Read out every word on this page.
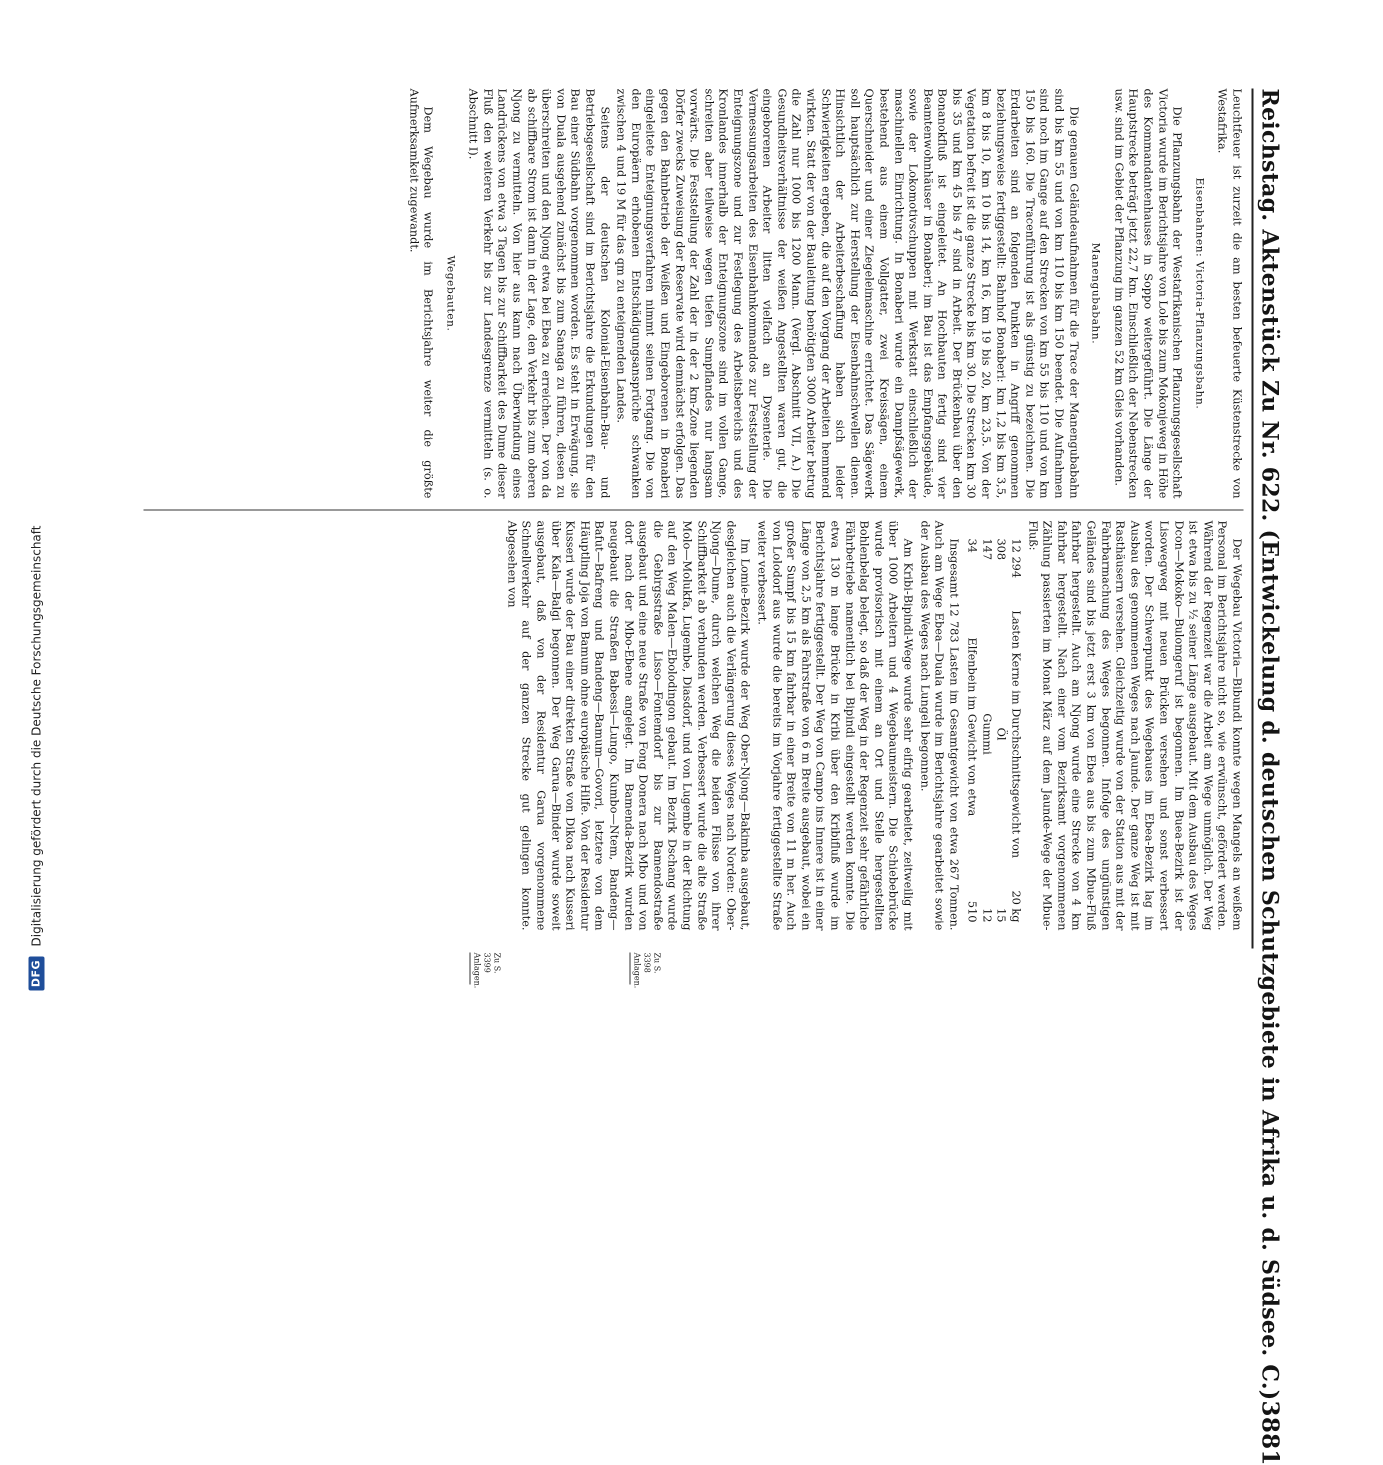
Reichstag. Aktenstück Zu Nr. 622. (Entwickelung d. deutschen Schutzgebiete in Afrika u. d. Südsee. C.)
3881

Leuchtfeuer ist zurzeit die am besten befeuerte Küstenstrecke von Westafrika.

Eisenbahnen: Victoria-Pflanzungsbahn.

Die Pflanzungsbahn der Westafrikanischen Pflanzungsgesellschaft Victoria wurde im Berichtsjahre von Lole bis zum Mokonjeweg in Höhe des Kommandantenhauses in Soppo weitergeführt. Die Länge der Hauptstrecke beträgt jetzt 22,7 km. Einschließlich der Nebenstrecken usw. sind im Gebiet der Pflanzung im ganzen 52 km Gleis vorhanden.

Manengubabahn.

Die genauen Geländeaufnahmen für die Trace der Manengubabahn sind bis km 55 und von km 110 bis km 150 beendet. Die Aufnahmen sind noch im Gange auf den Strecken von km 55 bis 110 und von km 150 bis 160. Die Tracenführung ist als günstig zu bezeichnen. Die Erdarbeiten sind an folgenden Punkten in Angriff genommen beziehungsweise fertiggestellt: Bahnhof Bonaberi: km 1,2 bis km 3,5, km 8 bis 10, km 10 bis 14, km 16, km 19 bis 20, km 23,5. Von der Vegetation befreit ist die ganze Strecke bis km 30. Die Strecken km 30 bis 35 und km 45 bis 47 sind in Arbeit. Der Brückenbau über den Bonanokfluß ist eingeleitet. An Hochbauten fertig sind vier Beamtenwohnhäuser in Bonaberi; im Bau ist das Empfangsgebäude, sowie der Lokomotivschuppen mit Werkstatt einschließlich der maschinellen Einrichtung. In Bonaberi wurde ein Dampfsägewerk, bestehend aus einem Vollgatter, zwei Kreissägen, einem Querschneider und einer Ziegeleimaschine errichtet. Das Sägewerk soll hauptsächlich zur Herstellung der Eisenbahnschwellen dienen. Hinsichtlich der Arbeiterbeschaffung haben sich leider Schwierigkeiten ergeben, die auf den Vorgang der Arbeiten hemmend wirkten. Statt der von der Bauleitung benötigten 3000 Arbeiter betrug die Zahl nur 1000 bis 1200 Mann. (Vergl. Abschnitt VII, A.) Die Gesundheitsverhältnisse der weißen Angestellten waren gut, die eingeborenen Arbeiter litten vielfach an Dysenterie. Die Vermessungsarbeiten des Eisenbahnkommandos zur Feststellung der Enteignungszone und zur Festlegung des Arbeitsbereichs und des Kronlandes innerhalb der Enteignungszone sind im vollen Gange, schreiten aber teilweise wegen tiefen Sumpflandes nur langsam vorwärts. Die Feststellung der Zahl der in der 2 km-Zone liegenden Dörfer zwecks Zuweisung der Reservate wird demnächst erfolgen. Das gegen den Bahnbetrieb der Weißen und Eingeborenen in Bonaberi eingeleitete Enteignungsverfahren nimmt seinen Fortgang. Die von den Europäern erhobenen Entschädigungsansprüche schwanken zwischen 4 und 19 M für das qm zu enteignenden Landes.

Seitens der deutschen Kolonial-Eisenbahn-Bau- und Betriebsgesellschaft sind im Berichtsjahre die Erkundungen für den Bau einer Südbahn vorgenommen worden. Es steht in Erwägung, sie von Duala ausgehend zunächst bis zum Sanaga zu führen, diesen zu überschreiten und den Njong etwa bei Ebea zu erreichen. Der von da ab schiffbare Strom ist dann in der Lage, den Verkehr bis zum oberen Njong zu vermitteln. Von hier aus kann nach Überwindung eines Landrückens von etwa 3 Tagen bis zur Schiffbarkeit des Dume dieser Fluß den weiteren Verkehr bis zur Landesgrenze vermitteln (s. o. Abschnitt I).

Wegebauten.

Dem Wegebau wurde im Berichtsjahre weiter die größte Aufmerksamkeit zugewandt.

Der Wegebau Victoria—Bibundi konnte wegen Mangels an weißem Personal im Berichtsjahre nicht so, wie erwünscht, gefördert werden. Während der Regenzeit war die Arbeit am Wege unmöglich. Der Weg ist etwa bis zu ½ seiner Länge ausgebaut. Mit dem Ausbau des Weges Dcon—Mokoko—Bulomgeruf ist begonnen. Im Buea-Bezirk ist der Lisowegweg mit neuen Brücken versehen und sonst verbessert worden. Der Schwerpunkt des Wegebaues im Ebea-Bezirk lag im Ausbau des genommenen Weges nach Jaunde. Der ganze Weg ist mit Rasthäusern versehen. Gleichzeitig wurde von der Station aus mit der Fahrbarmachung des Weges begonnen. Infolge des ungünstigen Geländes sind bis jetzt erst 3 km von Ebea aus bis zum Mbue-Fluß fahrbar hergestellt. Auch am Njong wurde eine Strecke von 4 km fahrbar hergestellt. Nach einer vom Bezirksamt vorgenommenen Zählung passierten im Monat März auf dem Jaunde-Wege der Mbue-Fluß:

12 294
Lasten Kerne im Durchschnittsgewicht von
20 kg
308
Öl
15
147
Gummi
12
34
Elfenbein im Gewicht von etwa
510

Insgesamt 12 783 Lasten im Gesamtgewicht von etwa 267 Tonnen. Auch am Wege Ebea—Duala wurde im Berichtsjahre gearbeitet sowie der Ausbau des Weges nach Lungeli begonnen.

Am Kribi-Bipindi-Wege wurde sehr eifrig gearbeitet, zeitweilig mit über 1000 Arbeitern und 4 Wegebaumeistern. Die Schiebebrücke wurde provisorisch mit einem an Ort und Stelle hergestellten Bohlenbelag belegt, so daß der Weg in der Regenzeit sehr gefährliche Fährbetriebe namentlich bei Bipindi eingestellt werden konnte. Die etwa 130 m lange Brücke in Kribi über den Kribifluß wurde im Berichtsjahre fertiggestellt. Der Weg von Campo ins Innere ist in einer Länge von 2,5 km als Fahrstraße von 6 m Breite ausgebaut, wobei ein großer Sumpf bis 15 km fahrbar in einer Breite von 11 m her. Auch von Lolodorf aus wurde die bereits im Vorjahre fertiggestellte Straße weiter verbessert.

Im Lomie-Bezirk wurde der Weg Ober-Njong—Bakimba ausgebaut, desgleichen auch die Verlängerung dieses Weges nach Norden: Ober-Njong—Dume, durch welchen Weg die beiden Flüsse von ihrer Schiffbarkeit ab verbunden werden. Verbessert wurde die alte Straße Molo—Molukfa, Lugembe, Diasdorf, und von Lugembe in der Richtung auf den Weg Malen—Ebolodingon gebaut. Im Bezirk Dschang wurde die Gebirgsstraße Lisso—Fontemdorf bis zur Bamendostraße ausgebaut und eine neue Straße von Fong Donera nach Mbo und von dort nach der Mbo-Ebene angelegt. Im Bamenda-Bezirk wurden neugebaut die Straßen Babessi—Lungo, Kumbo—Ntem, Bandeng—Bafut—Bafreng und Bandeng—Bamum—Govori, letztere von dem Häuptling Joja von Bamum ohne europäische Hilfe. Von der Residentur Kusseri wurde der Bau einer direkten Straße von Dikoa nach Kusseri über Kala—Balgi begonnen. Der Weg Garua—Binder wurde soweit ausgebaut, daß von der Residentur Garua vorgenommene Schnellverkehr auf der ganzen Strecke gut gelingen konnte. Abgesehen von

Zu S. 3398 Anlagen.
Zu S. 3399 Anlagen.
DFG
Digitalisierung gefördert durch die Deutsche Forschungsgemeinschaft
